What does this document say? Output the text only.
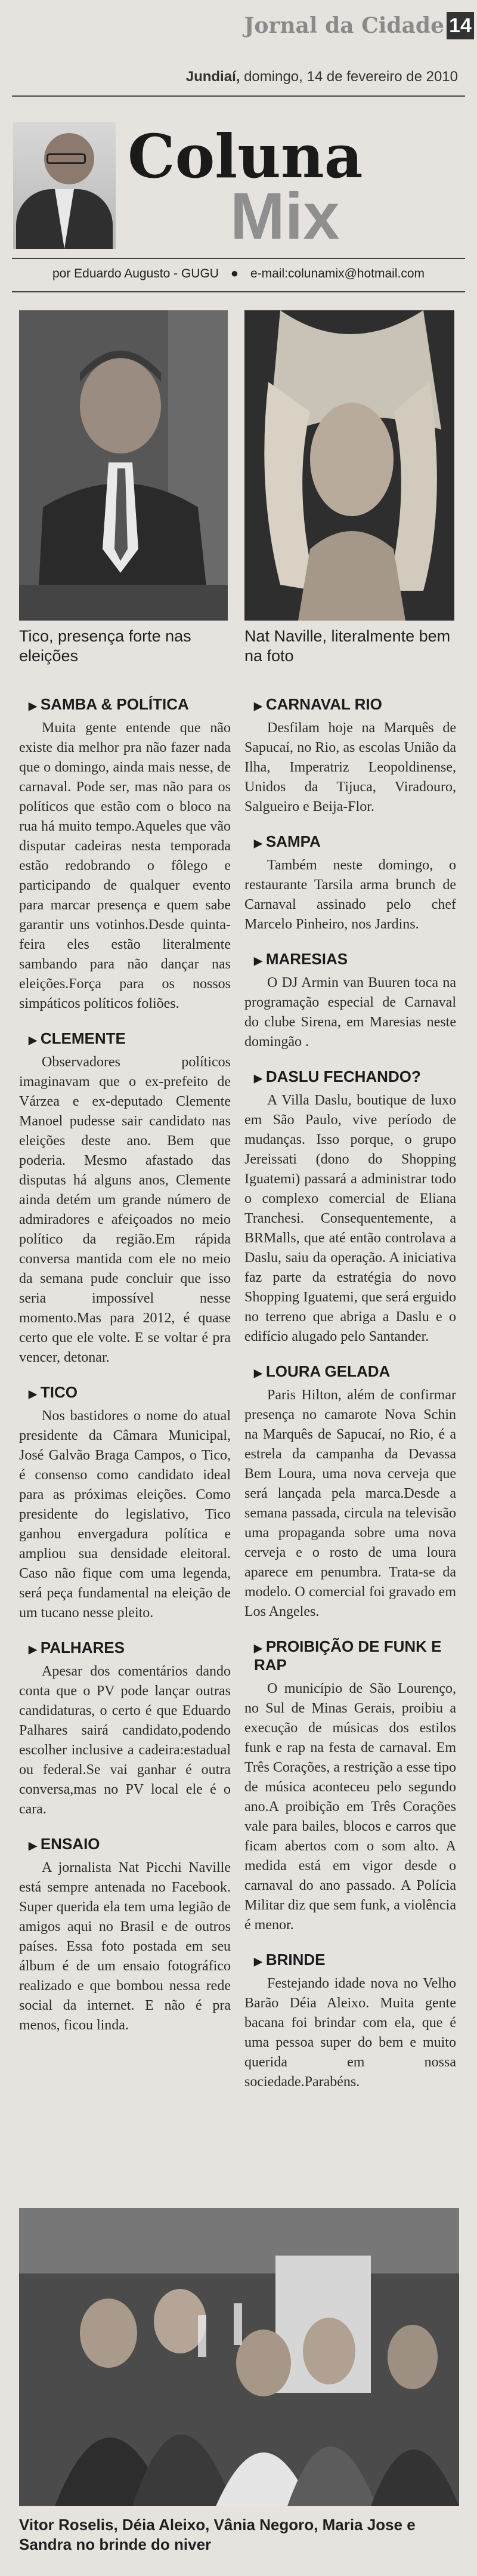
Jornal da Cidade 14
Jundiaí, domingo, 14 de fevereiro de 2010
Coluna
Mix
por Eduardo Augusto - GUGU ● e-mail:colunamix@hotmail.com
Tico, presença forte nas eleições
Nat Naville, literalmente bem na foto
▶ SAMBA & POLÍTICA

Muita gente entende que não existe dia melhor pra não fazer nada que o domingo, ainda mais nesse, de carnaval. Pode ser, mas não para os políticos que estão com o bloco na rua há muito tempo.Aqueles que vão disputar cadeiras nesta temporada estão redobrando o fôlego e participando de qualquer evento para marcar presença e quem sabe garantir uns votinhos.Desde quinta-feira eles estão literalmente sambando para não dançar nas eleições.Força para os nossos simpáticos políticos foliões.

▶ CLEMENTE

Observadores políticos imaginavam que o ex-prefeito de Várzea e ex-deputado Clemente Manoel pudesse sair candidato nas eleições deste ano. Bem que poderia. Mesmo afastado das disputas há alguns anos, Clemente ainda detém um grande número de admiradores e afeiçoados no meio político da região.Em rápida conversa mantida com ele no meio da semana pude concluir que isso seria impossível nesse momento.Mas para 2012, é quase certo que ele volte. E se voltar é pra vencer, detonar.

▶ TICO

Nos bastidores o nome do atual presidente da Câmara Municipal, José Galvão Braga Campos, o Tico, é consenso como candidato ideal para as próximas eleições. Como presidente do legislativo, Tico ganhou envergadura política e ampliou sua densidade eleitoral. Caso não fique com uma legenda, será peça fundamental na eleição de um tucano nesse pleito.

▶ PALHARES

Apesar dos comentários dando conta que o PV pode lançar outras candidaturas, o certo é que Eduardo Palhares sairá candidato,podendo escolher inclusive a cadeira:estadual ou federal.Se vai ganhar é outra conversa,mas no PV local ele é o cara.

▶ ENSAIO

A jornalista Nat Picchi Naville está sempre antenada no Facebook. Super querida ela tem uma legião de amigos aqui no Brasil e de outros países. Essa foto postada em seu álbum é de um ensaio fotográfico realizado e que bombou nessa rede social da internet. E não é pra menos, ficou linda.

▶ CARNAVAL RIO

Desfilam hoje na Marquês de Sapucaí, no Rio, as escolas União da Ilha, Imperatriz Leopoldinense, Unidos da Tijuca, Viradouro, Salgueiro e Beija-Flor.

▶ SAMPA

Também neste domingo, o restaurante Tarsila arma brunch de Carnaval assinado pelo chef Marcelo Pinheiro, nos Jardins.

▶ MARESIAS

O DJ Armin van Buuren toca na programação especial de Carnaval do clube Sirena, em Maresias neste domingão .

▶ DASLU FECHANDO?

A Villa Daslu, boutique de luxo em São Paulo, vive período de mudanças. Isso porque, o grupo Jereissati (dono do Shopping Iguatemi) passará a administrar todo o complexo comercial de Eliana Tranchesi. Consequentemente, a BRMalls, que até então controlava a Daslu, saiu da operação. A iniciativa faz parte da estratégia do novo Shopping Iguatemi, que será erguido no terreno que abriga a Daslu e o edifício alugado pelo Santander.

▶ LOURA GELADA

Paris Hilton, além de confirmar presença no camarote Nova Schin na Marquês de Sapucaí, no Rio, é a estrela da campanha da Devassa Bem Loura, uma nova cerveja que será lançada pela marca.Desde a semana passada, circula na televisão uma propaganda sobre uma nova cerveja e o rosto de uma loura aparece em penumbra. Trata-se da modelo. O comercial foi gravado em Los Angeles.

▶ PROIBIÇÃO DE FUNK E RAP

O município de São Lourenço, no Sul de Minas Gerais, proibiu a execução de músicas dos estilos funk e rap na festa de carnaval. Em Três Corações, a restrição a esse tipo de música aconteceu pelo segundo ano.A proibição em Três Corações vale para bailes, blocos e carros que ficam abertos com o som alto. A medida está em vigor desde o carnaval do ano passado. A Polícia Militar diz que sem funk, a violência é menor.

▶ BRINDE

Festejando idade nova no Velho Barão Déia Aleixo. Muita gente bacana foi brindar com ela, que é uma pessoa super do bem e muito querida em nossa sociedade.Parabéns.

Vitor Roselis, Déia Aleixo, Vânia Negoro, Maria Jose e Sandra no brinde do niver
